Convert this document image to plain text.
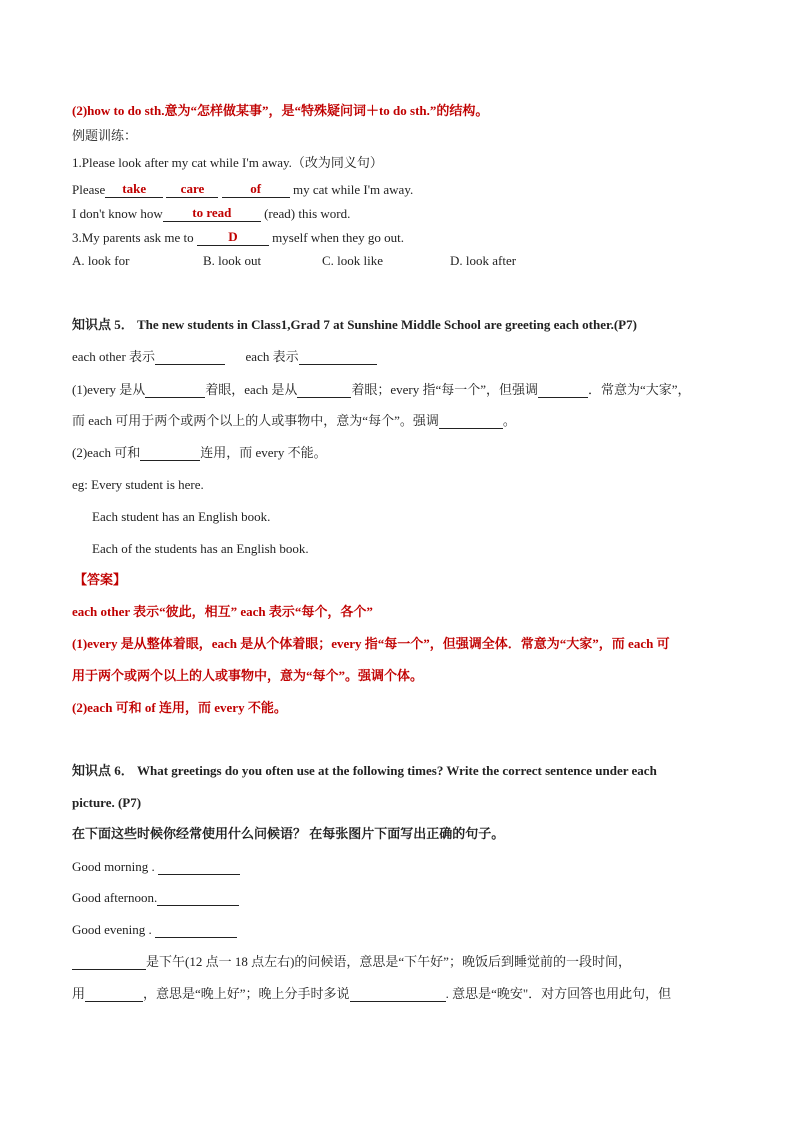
(2)how to do sth.意为“怎样做某事”，是“特殊疑问词＋to do sth.”的结构。
例题训练：
1.Please look after my cat while I'm away.（改为同义句）
Please take	care	of my cat while I'm away.
I don't know how to read	(read) this word.
3.My parents ask me to	D	myself when they go out.
A. look for	B. look out	C. look like	D. look after
知识点 5． The new students in Class1,Grad 7 at Sunshine Middle School are greeting each other.(P7)
each other 表示	each 表示
(1)every 是从	着眼，each 是从	着眼；every 指“每一个”，但强调	．常意为“大家”，
而 each 可用于两个或两个以上的人或事物中，意为“每个”。强调	。
(2)each 可和	连用，而 every 不能。
eg: Every student is here.
Each student has an English book.
Each of the students has an English book.
【答案】
each other 表示“彼此，相互” each 表示“每个，各个”
(1)every 是从整体着眼，each 是从个体着眼；every 指“每一个”，但强调全体．常意为“大家”，而 each 可
用于两个或两个以上的人或事物中，意为“每个”。强调个体。
(2)each 可和 of 连用，而 every 不能。
知识点 6． What greetings do you often use at the following times? Write the correct sentence under each
picture. (P7)
在下面这些时候你经常使用什么问候语？ 在每张图片下面写出正确的句子。
Good morning .
Good afternoon.
Good evening .
是下午(12 点一 18 点左右)的问候语，意思是“下午好”；晚饭后到睡觉前的一段时间，
用	，意思是“晚上好”；晚上分手时多说	. 意思是“晚安"．对方回答也用此句，但
